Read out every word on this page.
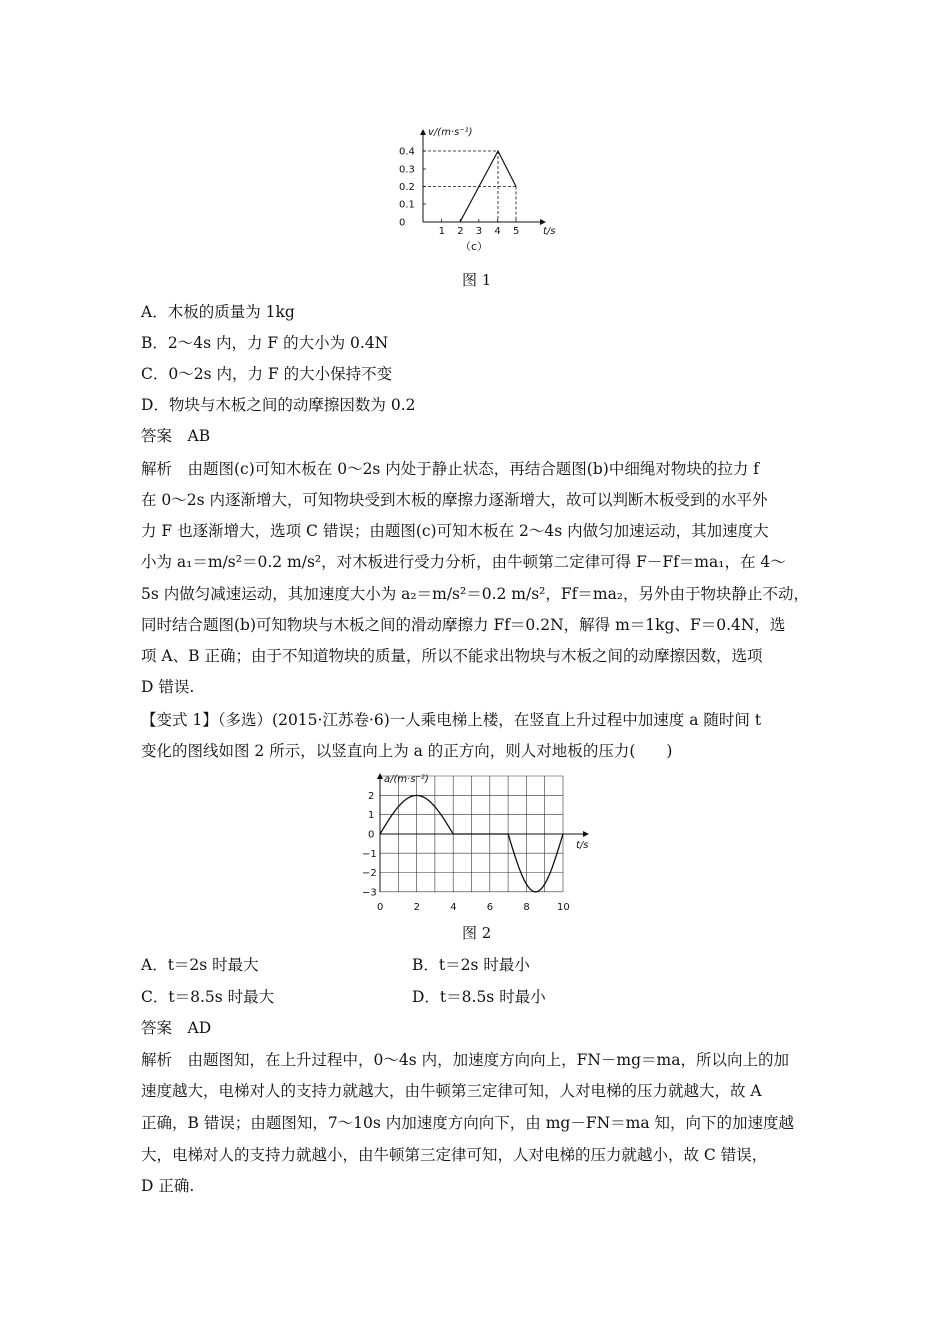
v/(m·s⁻¹)
t/s
0.4
0.3
0.2
0.1
0
1 2 3 4 5
（c）
图 1
A．木板的质量为 1kg
B．2～4s 内，力 F 的大小为 0.4N
C．0～2s 内，力 F 的大小保持不变
D．物块与木板之间的动摩擦因数为 0.2
答案　AB
解析　由题图(c)可知木板在 0～2s 内处于静止状态，再结合题图(b)中细绳对物块的拉力 f
在 0～2s 内逐渐增大，可知物块受到木板的摩擦力逐渐增大，故可以判断木板受到的水平外
力 F 也逐渐增大，选项 C 错误；由题图(c)可知木板在 2～4s 内做匀加速运动，其加速度大
小为 a₁＝m/s²＝0.2 m/s²，对木板进行受力分析，由牛顿第二定律可得 F－Ff＝ma₁，在 4～
5s 内做匀减速运动，其加速度大小为 a₂＝m/s²＝0.2 m/s²，Ff＝ma₂，另外由于物块静止不动，
同时结合题图(b)可知物块与木板之间的滑动摩擦力 Ff＝0.2N，解得 m＝1kg、F＝0.4N，选
项 A、B 正确；由于不知道物块的质量，所以不能求出物块与木板之间的动摩擦因数，选项
D 错误.
【变式 1】（多选）(2015·江苏卷·6)一人乘电梯上楼，在竖直上升过程中加速度 a 随时间 t
变化的图线如图 2 所示，以竖直向上为 a 的正方向，则人对地板的压力(　　)
a/(m·s⁻²)
t/s
2
1
0
−1
−2
−3
0	2	4	6	8	10
图 2
A．t＝2s 时最大	B．t＝2s 时最小
C．t＝8.5s 时最大	D．t＝8.5s 时最小
答案　AD
解析　由题图知，在上升过程中，0～4s 内，加速度方向向上，FN－mg＝ma，所以向上的加
速度越大，电梯对人的支持力就越大，由牛顿第三定律可知，人对电梯的压力就越大，故 A
正确，B 错误；由题图知，7～10s 内加速度方向向下，由 mg－FN＝ma 知，向下的加速度越
大，电梯对人的支持力就越小，由牛顿第三定律可知，人对电梯的压力就越小，故 C 错误，
D 正确.
